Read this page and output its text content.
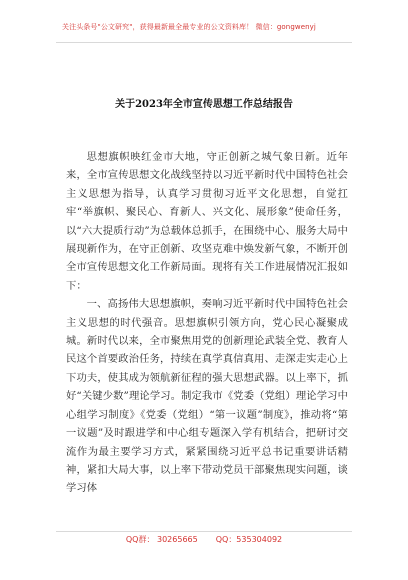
关注头条号"公文研究"，获得最新最全最专业的公文资料库！ 微信：gongwenyj
关于2023年全市宣传思想工作总结报告

思想旗帜映红金市大地，守正创新之城气象日新。近年来，全市宣传思想文化战线坚持以习近平新时代中国特色社会主义思想为指导，认真学习贯彻习近平文化思想，自觉扛牢“举旗帜、聚民心、育新人、兴文化、展形象”使命任务，以“六大提质行动”为总载体总抓手，在围绕中心、服务大局中展现新作为，在守正创新、攻坚克难中焕发新气象，不断开创全市宣传思想文化工作新局面。现将有关工作进展情况汇报如下：

一、高扬伟大思想旗帜，奏响习近平新时代中国特色社会主义思想的时代强音。思想旗帜引领方向，党心民心凝聚成城。新时代以来，全市聚焦用党的创新理论武装全党、教育人民这个首要政治任务，持续在真学真信真用、走深走实走心上下功夫，使其成为领航新征程的强大思想武器。以上率下，抓好“关键少数”理论学习。制定我市《党委（党组）理论学习中心组学习制度》《党委（党组）“第一议题”制度》，推动将“第一议题”及时跟进学和中心组专题深入学有机结合，把研讨交流作为最主要学习方式，紧紧围绕习近平总书记重要讲话精神，紧扣大局大事，以上率下带动党员干部聚焦现实问题，谈学习体

QQ群： 30265665 QQ：535304092
